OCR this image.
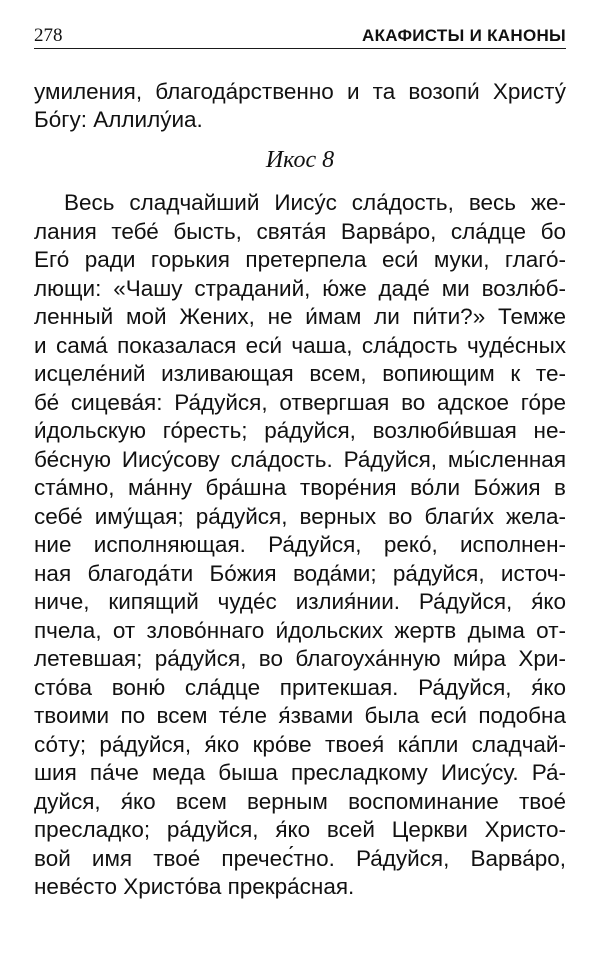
278	АКАФИСТЫ И КАНОНЫ
умиления, благода́рственно и та возопи́ Христу́
Бо́гу: Аллилу́иа.
Икос 8
Весь сладчайший Иису́с сла́дость, весь же-
лания тебе́ бысть, свята́я Варва́ро, сла́дце бо
Его́ ради горькия претерпела еси́ муки, глаго́-
лющи: «Чашу страданий, ю́же даде́ ми возлю́б-
ленный мой Жених, не и́мам ли пи́ти?» Темже
и сама́ показалася еси́ чаша, сла́дость чуде́сных
исцеле́ний изливающая всем, вопиющим к те-
бе́ сицева́я: Ра́дуйся, отвергшая во адское го́ре
и́дольскую го́ресть; ра́дуйся, возлюби́вшая не-
бе́сную Иису́сову сла́дость. Ра́дуйся, мы́сленная
ста́мно, ма́нну бра́шна творе́ния во́ли Бо́жия в
себе́ иму́щая; ра́дуйся, верных во благи́х жела-
ние исполняющая. Ра́дуйся, реко́, исполнен-
ная благода́ти Бо́жия вода́ми; ра́дуйся, источ-
ниче, кипящий чуде́с излия́нии. Ра́дуйся, я́ко
пчела, от злово́ннаго и́дольских жертв дыма от-
летевшая; ра́дуйся, во благоуха́нную ми́ра Хри-
сто́ва воню́ сла́дце притекшая. Ра́дуйся, я́ко
твоими по всем те́ле я́звами была еси́ подобна
со́ту; ра́дуйся, я́ко кро́ве твоея́ ка́пли сладчай-
шия па́че меда быша пресладкому Иису́су. Ра́-
дуйся, я́ко всем верным воспоминание твое́
пресладко; ра́дуйся, я́ко всей Церкви Христо-
вой имя твое́ пречес́тно. Ра́дуйся, Варва́ро,
неве́сто Христо́ва прекра́сная.
